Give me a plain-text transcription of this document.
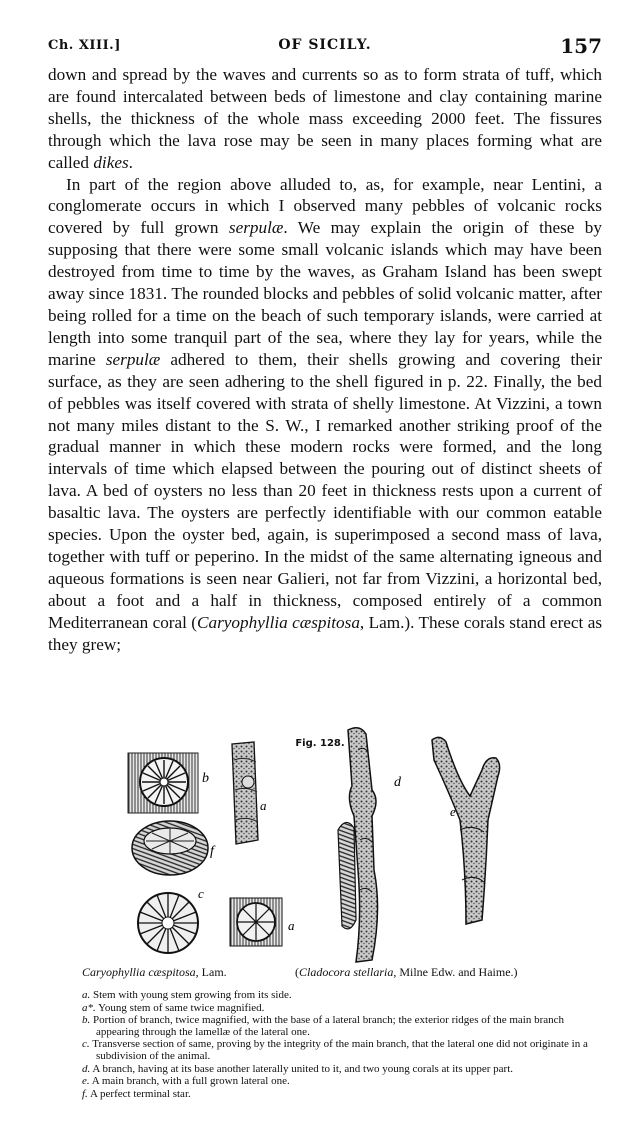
Ch. XIII.]	OF SICILY.	157

down and spread by the waves and currents so as to form strata of tuff, which are found intercalated between beds of limestone and clay containing marine shells, the thickness of the whole mass exceeding 2000 feet. The fissures through which the lava rose may be seen in many places forming what are called dikes.

In part of the region above alluded to, as, for example, near Lentini, a conglomerate occurs in which I observed many pebbles of volcanic rocks covered by full grown serpulæ. We may explain the origin of these by supposing that there were some small volcanic islands which may have been destroyed from time to time by the waves, as Graham Island has been swept away since 1831. The rounded blocks and pebbles of solid volcanic matter, after being rolled for a time on the beach of such temporary islands, were carried at length into some tranquil part of the sea, where they lay for years, while the marine serpulæ adhered to them, their shells growing and covering their surface, as they are seen adhering to the shell figured in p. 22. Finally, the bed of pebbles was itself covered with strata of shelly limestone. At Vizzini, a town not many miles distant to the S. W., I remarked another striking proof of the gradual manner in which these modern rocks were formed, and the long intervals of time which elapsed between the pouring out of distinct sheets of lava. A bed of oysters no less than 20 feet in thickness rests upon a current of basaltic lava. The oysters are perfectly identifiable with our common eatable species. Upon the oyster bed, again, is superimposed a second mass of lava, together with tuff or peperino. In the midst of the same alternating igneous and aqueous formations is seen near Galieri, not far from Vizzini, a horizontal bed, about a foot and a half in thickness, composed entirely of a common Mediterranean coral (Caryophyllia cæspitosa, Lam.). These corals stand erect as they grew;

Fig. 128.
b
f
c
a
a
d
e
Caryophyllia cæspitosa, Lam.	(Cladocora stellaria, Milne Edw. and Haime.)
a. Stem with young stem growing from its side.
a*. Young stem of same twice magnified.
b. Portion of branch, twice magnified, with the base of a lateral branch; the exterior ridges of the main branch appearing through the lamellæ of the lateral one.
c. Transverse section of same, proving by the integrity of the main branch, that the lateral one did not originate in a subdivision of the animal.
d. A branch, having at its base another laterally united to it, and two young corals at its upper part.
e. A main branch, with a full grown lateral one.
f. A perfect terminal star.
